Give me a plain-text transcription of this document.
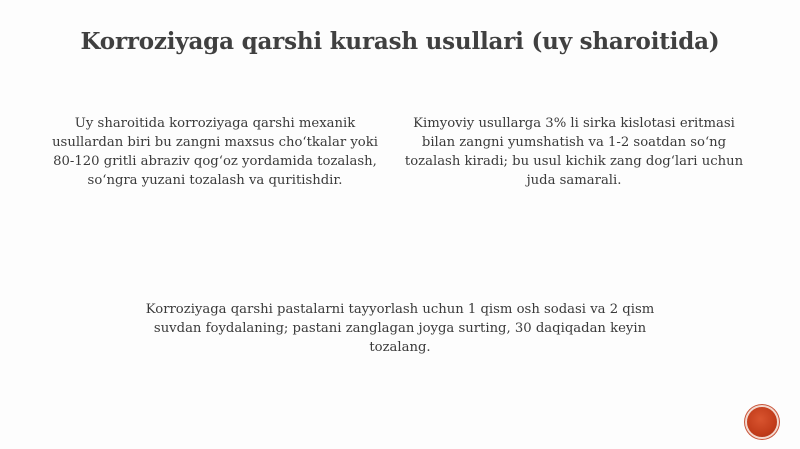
Korroziyaga qarshi kurash usullari (uy sharoitida)
Uy sharoitida korroziyaga qarshi mexanik usullardan biri bu zangni maxsus cho‘tkalar yoki 80-120 gritli abraziv qog‘oz yordamida tozalash, so‘ngra yuzani tozalash va quritishdir.
Kimyoviy usullarga 3% li sirka kislotasi eritmasi bilan zangni yumshatish va 1-2 soatdan so‘ng tozalash kiradi; bu usul kichik zang dog‘lari uchun juda samarali.
Korroziyaga qarshi pastalarni tayyorlash uchun 1 qism osh sodasi va 2 qism suvdan foydalaning; pastani zanglagan joyga surting, 30 daqiqadan keyin tozalang.
